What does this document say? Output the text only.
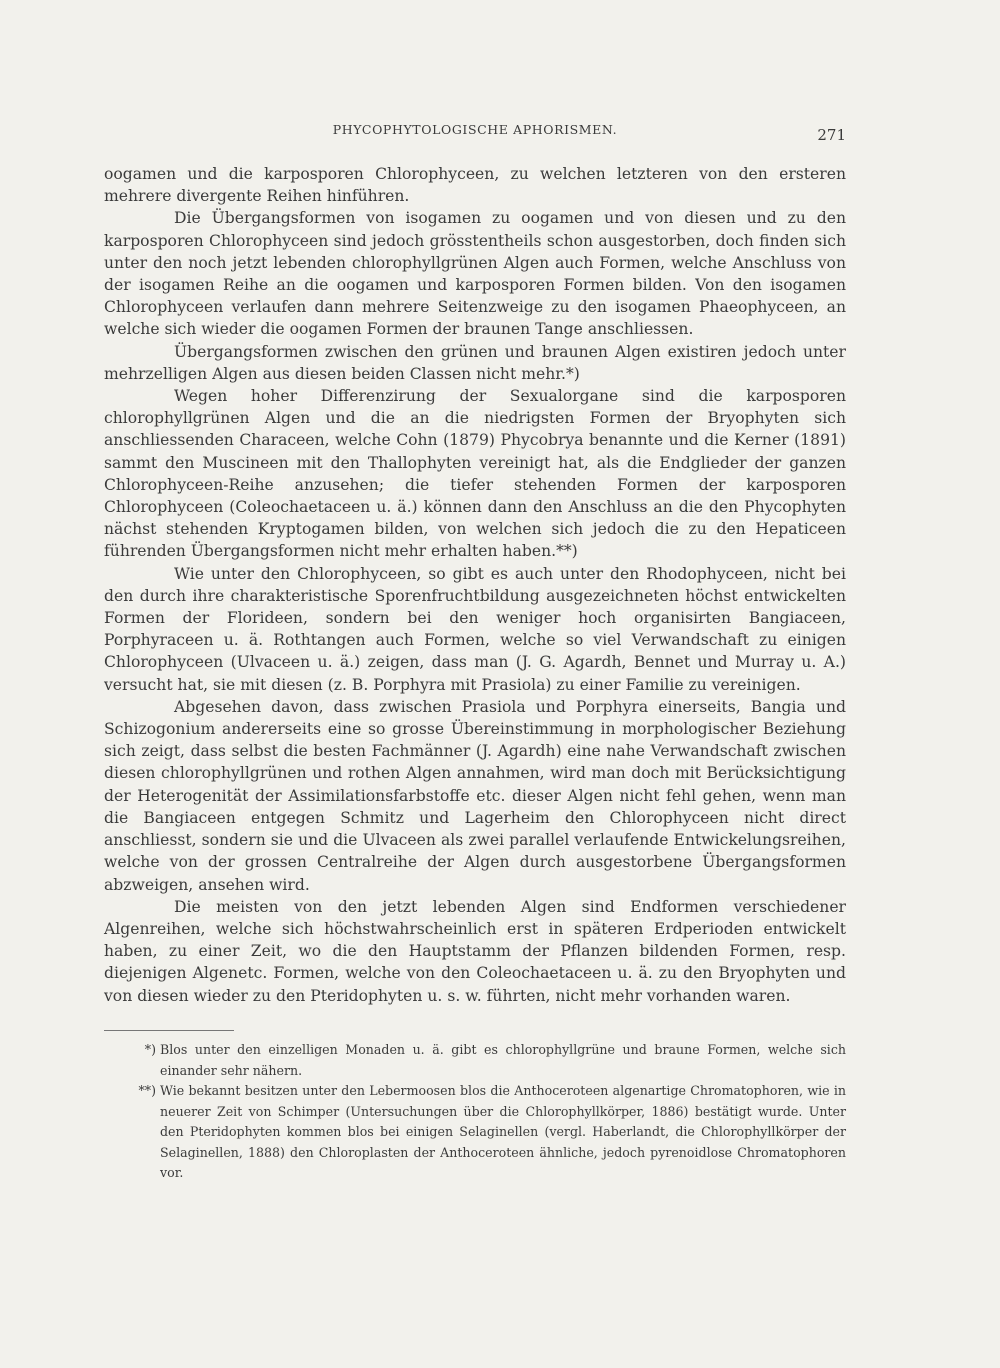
PHYCOPHYTOLOGISCHE APHORISMEN.	271

oogamen und die karposporen Chlorophyceen, zu welchen letzteren von den ersteren mehrere divergente Reihen hinführen.

Die Übergangsformen von isogamen zu oogamen und von diesen und zu den karposporen Chlorophyceen sind jedoch grösstentheils schon ausgestorben, doch finden sich unter den noch jetzt lebenden chlorophyllgrünen Algen auch Formen, welche Anschluss von der isogamen Reihe an die oogamen und karposporen Formen bilden. Von den isogamen Chlorophyceen verlaufen dann mehrere Seitenzweige zu den isogamen Phaeophyceen, an welche sich wieder die oogamen Formen der braunen Tange anschliessen.

Übergangsformen zwischen den grünen und braunen Algen existiren jedoch unter mehrzelligen Algen aus diesen beiden Classen nicht mehr.*)

Wegen hoher Differenzirung der Sexualorgane sind die karposporen chlorophyllgrünen Algen und die an die niedrigsten Formen der Bryophyten sich anschliessenden Characeen, welche Cohn (1879) Phycobrya benannte und die Kerner (1891) sammt den Muscineen mit den Thallophyten vereinigt hat, als die Endglieder der ganzen Chlorophyceen-Reihe anzusehen; die tiefer stehenden Formen der karposporen Chlorophyceen (Coleochaetaceen u. ä.) können dann den Anschluss an die den Phycophyten nächst stehenden Kryptogamen bilden, von welchen sich jedoch die zu den Hepaticeen führenden Übergangsformen nicht mehr erhalten haben.**)

Wie unter den Chlorophyceen, so gibt es auch unter den Rhodophyceen, nicht bei den durch ihre charakteristische Sporenfruchtbildung ausgezeichneten höchst entwickelten Formen der Florideen, sondern bei den weniger hoch organisirten Bangiaceen, Porphyraceen u. ä. Rothtangen auch Formen, welche so viel Verwandschaft zu einigen Chlorophyceen (Ulvaceen u. ä.) zeigen, dass man (J. G. Agardh, Bennet und Murray u. A.) versucht hat, sie mit diesen (z. B. Porphyra mit Prasiola) zu einer Familie zu vereinigen.

Abgesehen davon, dass zwischen Prasiola und Porphyra einerseits, Bangia und Schizogonium andererseits eine so grosse Übereinstimmung in morphologischer Beziehung sich zeigt, dass selbst die besten Fachmänner (J. Agardh) eine nahe Verwandschaft zwischen diesen chlorophyllgrünen und rothen Algen annahmen, wird man doch mit Berücksichtigung der Heterogenität der Assimilationsfarbstoffe etc. dieser Algen nicht fehl gehen, wenn man die Bangiaceen entgegen Schmitz und Lagerheim den Chlorophyceen nicht direct anschliesst, sondern sie und die Ulvaceen als zwei parallel verlaufende Entwickelungsreihen, welche von der grossen Centralreihe der Algen durch ausgestorbene Übergangsformen abzweigen, ansehen wird.

Die meisten von den jetzt lebenden Algen sind Endformen verschiedener Algenreihen, welche sich höchstwahrscheinlich erst in späteren Erdperioden entwickelt haben, zu einer Zeit, wo die den Hauptstamm der Pflanzen bildenden Formen, resp. diejenigen Algenetc. Formen, welche von den Coleochaetaceen u. ä. zu den Bryophyten und von diesen wieder zu den Pteridophyten u. s. w. führten, nicht mehr vorhanden waren.

*) Blos unter den einzelligen Monaden u. ä. gibt es chlorophyllgrüne und braune Formen, welche sich einander sehr nähern.
**) Wie bekannt besitzen unter den Lebermoosen blos die Anthoceroteen algenartige Chromatophoren, wie in neuerer Zeit von Schimper (Untersuchungen über die Chlorophyllkörper, 1886) bestätigt wurde. Unter den Pteridophyten kommen blos bei einigen Selaginellen (vergl. Haberlandt, die Chlorophyllkörper der Selaginellen, 1888) den Chloroplasten der Anthoceroteen ähnliche, jedoch pyrenoidlose Chromatophoren vor.
